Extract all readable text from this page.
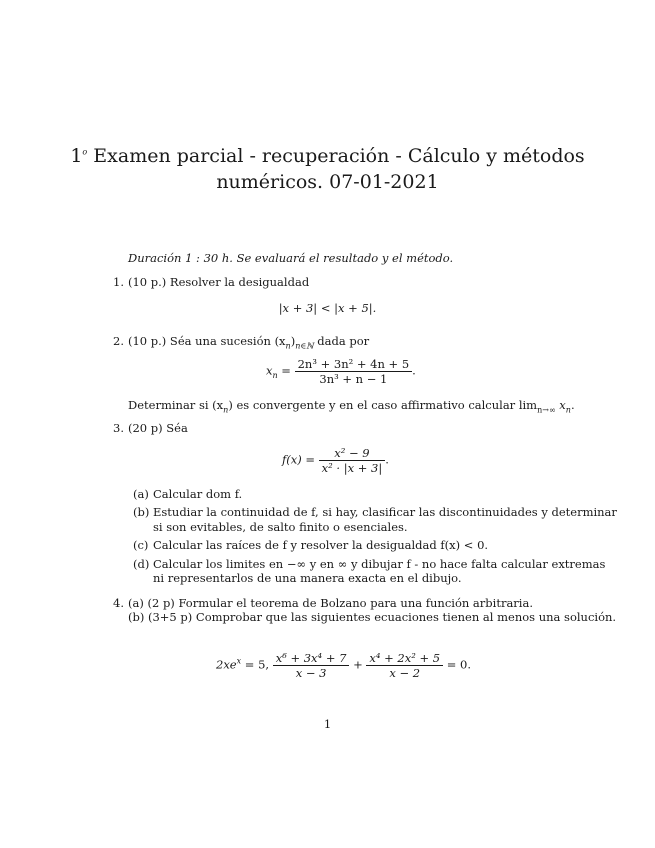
1$^o$ Examen parcial - recuperación - Cálculo y métodos
numéricos. 07-01-2021
Duración 1 : 30 h. Se evaluará el resultado y el método.
1. (10 p.) Resolver la desigualdad
|x + 3| < |x + 5|.
2. (10 p.) Séa una sucesión $(x_n)_{n\in ℕ}$ dada por
$x_n = \frac{\text{2n³ + 3n² + 4n + 5}}{\text{3n³ + n − 1}}$ .
Determinar si $(x_n)$ es convergente y en el caso affirmativo calcular $\lim_{n\to\infty} x_n$.
3. (20 p) Séa
$f(x) = \frac{\text{x² − 9}}{\text{x² · |x + 3|}}$ .
(a) Calcular dom f.
(b) Estudiar la continuidad de f, si hay, clasificar las discontinuidades y determinar
si son evitables, de salto finito o esenciales.
(c) Calcular las raíces de f y resolver la desigualdad f(x) < 0.
(d) Calcular los limites en −∞ y en ∞ y dibujar f - no hace falta calcular extremas
ni representarlos de una manera exacta en el dibujo.
4. (a) (2 p) Formular el teorema de Bolzano para una función arbitraria.
(b) (3+5 p) Comprobar que las siguientes ecuaciones tienen al menos una solución.
$2xe^x = 5$, $\frac{\text{x⁶ + 3x⁴ + 7}}{x - 3} + \frac{\text{x⁴ + 2x² + 5}}{x - 2} = 0$.
1
